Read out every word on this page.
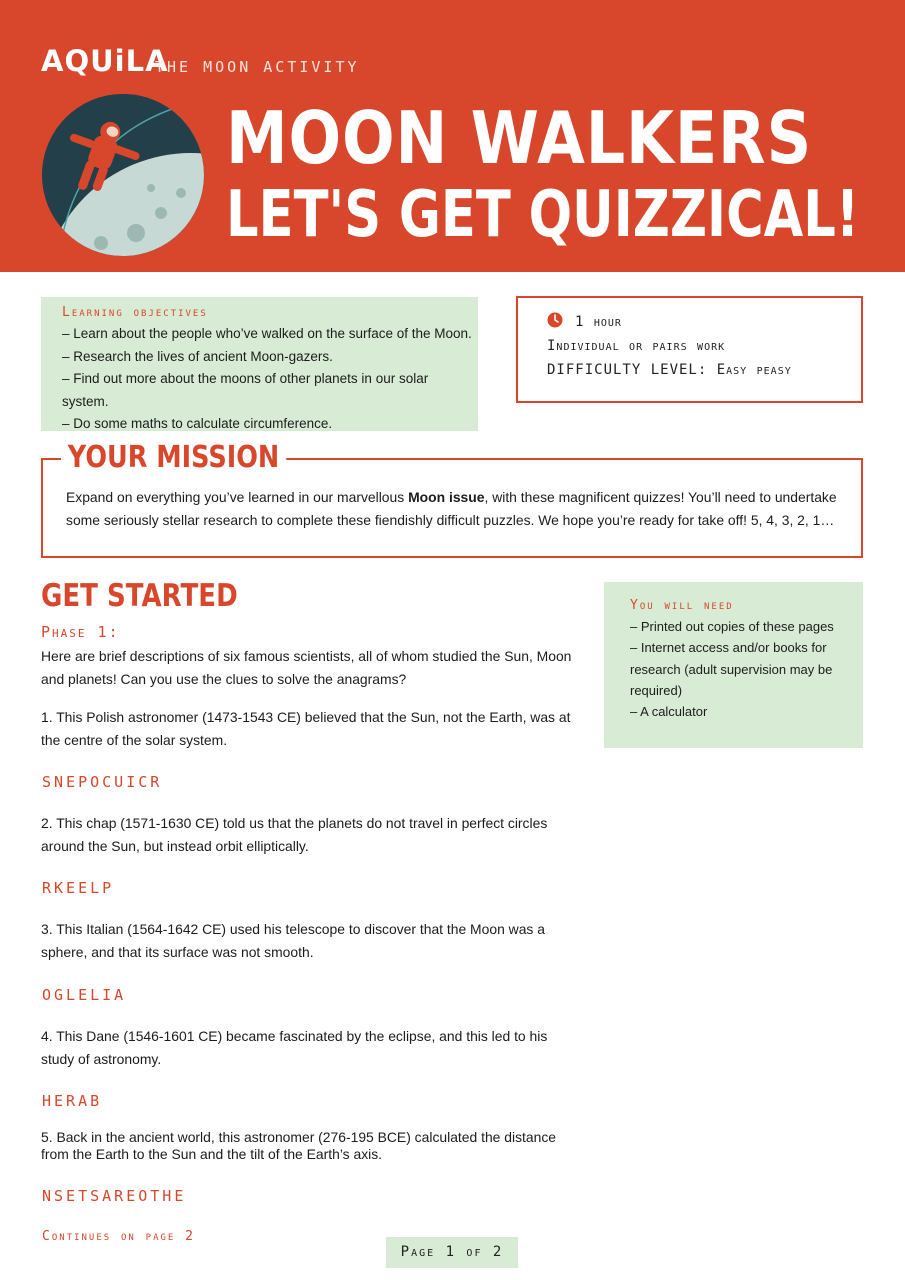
AQUiLA
THE MOON ACTIVITY
MOON WALKERS
LET'S GET QUIZZICAL!
Learning objectives
– Learn about the people who’ve walked on the surface of the Moon.
– Research the lives of ancient Moon-gazers.
– Find out more about the moons of other planets in our solar system.
– Do some maths to calculate circumference.
1 hour
Individual or pairs work
DIFFICULTY LEVEL: Easy peasy
YOUR MISSION
Expand on everything you’ve learned in our marvellous Moon issue, with these magnificent quizzes! You’ll need to undertake some seriously stellar research to complete these fiendishly difficult puzzles. We hope you’re ready for take off! 5, 4, 3, 2, 1…
GET STARTED
Phase 1:
Here are brief descriptions of six famous scientists, all of whom studied the Sun, Moon and planets! Can you use the clues to solve the anagrams?
1. This Polish astronomer (1473-1543 CE) believed that the Sun, not the Earth, was at the centre of the solar system.
SNEPOCUICR
2. This chap (1571-1630 CE) told us that the planets do not travel in perfect circles around the Sun, but instead orbit elliptically.
RKEELP
3. This Italian (1564-1642 CE) used his telescope to discover that the Moon was a sphere, and that its surface was not smooth.
OGLELIA
4. This Dane (1546-1601 CE) became fascinated by the eclipse, and this led to his study of astronomy.
HERAB
5. Back in the ancient world, this astronomer (276-195 BCE) calculated the distance from the Earth to the Sun and the tilt of the Earth’s axis.
NSETSAREOTHE
You will need
– Printed out copies of these pages
– Internet access and/or books for research (adult supervision may be required)
– A calculator
Continues on page 2
Page 1 of 2
